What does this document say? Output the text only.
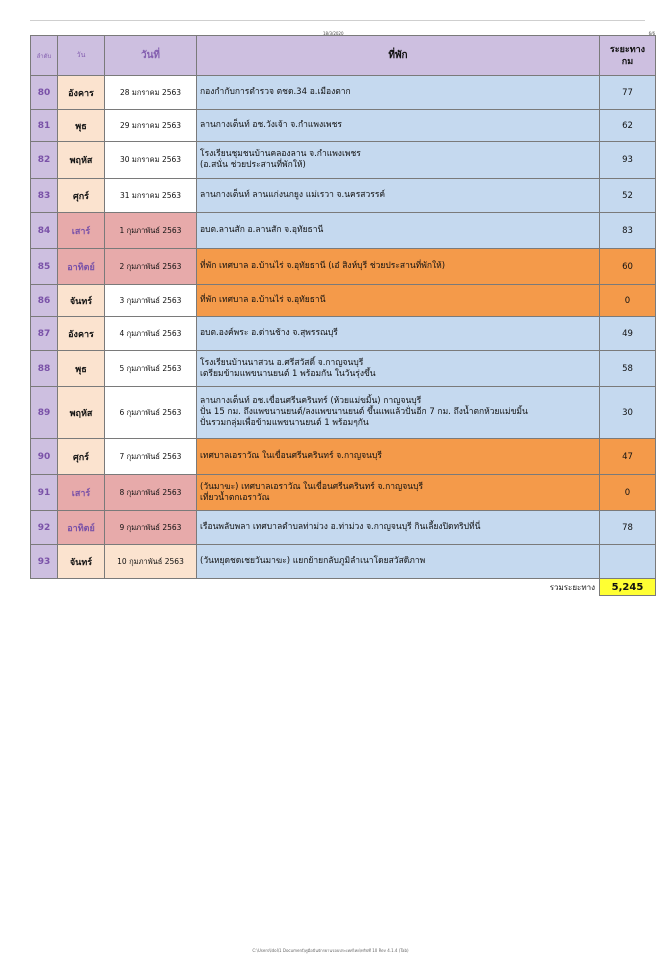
18/3/2020	6/6
ลำดับ	วัน	วันที่	ที่พัก	ระยะทาง
กม

80	อังคาร	28 มกราคม 2563	กองกำกับการตำรวจ ตชด.34 อ.เมืองตาก	77
81	พุธ	29 มกราคม 2563	ลานกางเต็นท์ อช.วังเจ้า จ.กำแพงเพชร	62
82	พฤหัส	30 มกราคม 2563	โรงเรียนชุมชนบ้านคลองลาน จ.กำแพงเพชร
(อ.สนั่น ช่วยประสานที่พักให้)	93
83	ศุกร์	31 มกราคม 2563	ลานกางเต็นท์ ลานแก่งนกยูง แม่เรวา จ.นครสวรรค์	52
84	เสาร์	1 กุมภาพันธ์ 2563	อบต.ลานสัก อ.ลานสัก จ.อุทัยธานี	83
85	อาทิตย์	2 กุมภาพันธ์ 2563	ที่พัก เทศบาล อ.บ้านไร่ จ.อุทัยธานี (เอ๋ สิงห์บุรี ช่วยประสานที่พักให้)	60
86	จันทร์	3 กุมภาพันธ์ 2563	ที่พัก เทศบาล อ.บ้านไร่ จ.อุทัยธานี	0
87	อังคาร	4 กุมภาพันธ์ 2563	อบต.องค์พระ อ.ด่านช้าง จ.สุพรรณบุรี	49
88	พุธ	5 กุมภาพันธ์ 2563	โรงเรียนบ้านนาสวน อ.ศรีสวัสดิ์ จ.กาญจนบุรี
เตรียมข้ามแพขนานยนต์ 1 พร้อมกัน ในวันรุ่งขึ้น	58
89	พฤหัส	6 กุมภาพันธ์ 2563	ลานกางเต็นท์ อช.เขื่อนศรีนครินทร์ (ห้วยแม่ขมิ้น) กาญจนบุรี
ปั่น 15 กม. ถึงแพขนานยนต์/ลงแพขนานยนต์ ขึ้นแพแล้วปั่นอีก 7 กม. ถึงน้ำตกห้วยแม่ขมิ้น
ปั่นรวมกลุ่มเพื่อข้ามแพขนานยนต์ 1 พร้อมๆกัน	30
90	ศุกร์	7 กุมภาพันธ์ 2563	เทศบาลเอราวัณ ในเขื่อนศรีนครินทร์ จ.กาญจนบุรี	47
91	เสาร์	8 กุมภาพันธ์ 2563	(วันมาฆะ) เทศบาลเอราวัณ ในเขื่อนศรีนครินทร์ จ.กาญจนบุรี
เที่ยวน้ำตกเอราวัณ	0
92	อาทิตย์	9 กุมภาพันธ์ 2563	เรือนพลับพลา เทศบาลตำบลท่าม่วง อ.ท่าม่วง จ.กาญจนบุรี กินเลี้ยงปิดทริปที่นี่	78
93	จันทร์	10 กุมภาพันธ์ 2563	(วันหยุดชดเชยวันมาฆะ) แยกย้ายกลับภูมิลำเนาโดยสวัสดิภาพ	

			รวมระยะทาง	5,245
C:\Users\Idol\1 Document\คู่มือปั่นจักรยานรอบประเทศไทย\ทริปที่ 10 Rev 4.1.4 (Tab)
